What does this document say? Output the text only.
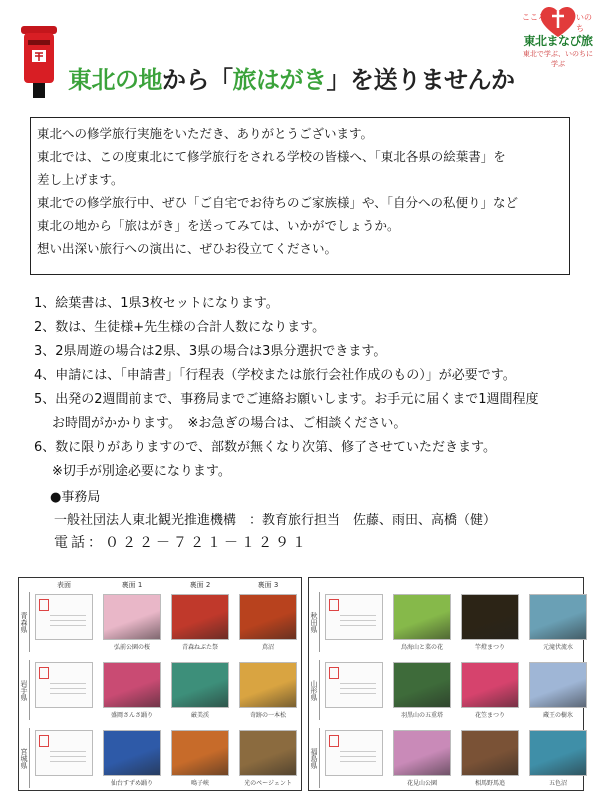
こころ	いのち
東北まなび旅
東北で学ぶ、いのちに学ぶ
東北の地から「旅はがき」を送りませんか
東北への修学旅行実施をいただき、ありがとうございます。
東北では、この度東北にて修学旅行をされる学校の皆様へ、「東北各県の絵葉書」を
差し上げます。
東北での修学旅行中、ぜひ「ご自宅でお待ちのご家族様」や、「自分への私便り」など
東北の地から「旅はがき」を送ってみては、いかがでしょうか。
想い出深い旅行への演出に、ぜひお役立てください。
1、絵葉書は、1県3枚セットになります。
2、数は、生徒様+先生様の合計人数になります。
3、2県周遊の場合は2県、3県の場合は3県分選択できます。
4、申請には、「申請書」「行程表（学校または旅行会社作成のもの）」が必要です。
5、出発の2週間前まで、事務局までご連絡お願いします。お手元に届くまで1週間程度
お時間がかかります。　※お急ぎの場合は、ご相談ください。
6、数に限りがありますので、部数が無くなり次第、修了させていただきます。
※切手が別途必要になります。
●事務局
一般社団法人東北観光推進機構　：教育旅行担当　佐藤、雨田、高橋（健）
電話：０２２－７２１－１２９１
表面	裏面 1	裏面 2	裏面 3
青森県
弘前公園の桜	青森ねぶた祭	蔦沼
岩手県
盛岡さんさ踊り	厳美渓	奇跡の一本松
宮城県
仙台すずめ踊り	鳴子峡	光のページェント
秋田県
鳥海山と菜の花	竿燈まつり	元滝伏流水
山形県
羽黒山の五重塔	花笠まつり	蔵王の樹氷
福島県
花見山公園	相馬野馬追	五色沼
